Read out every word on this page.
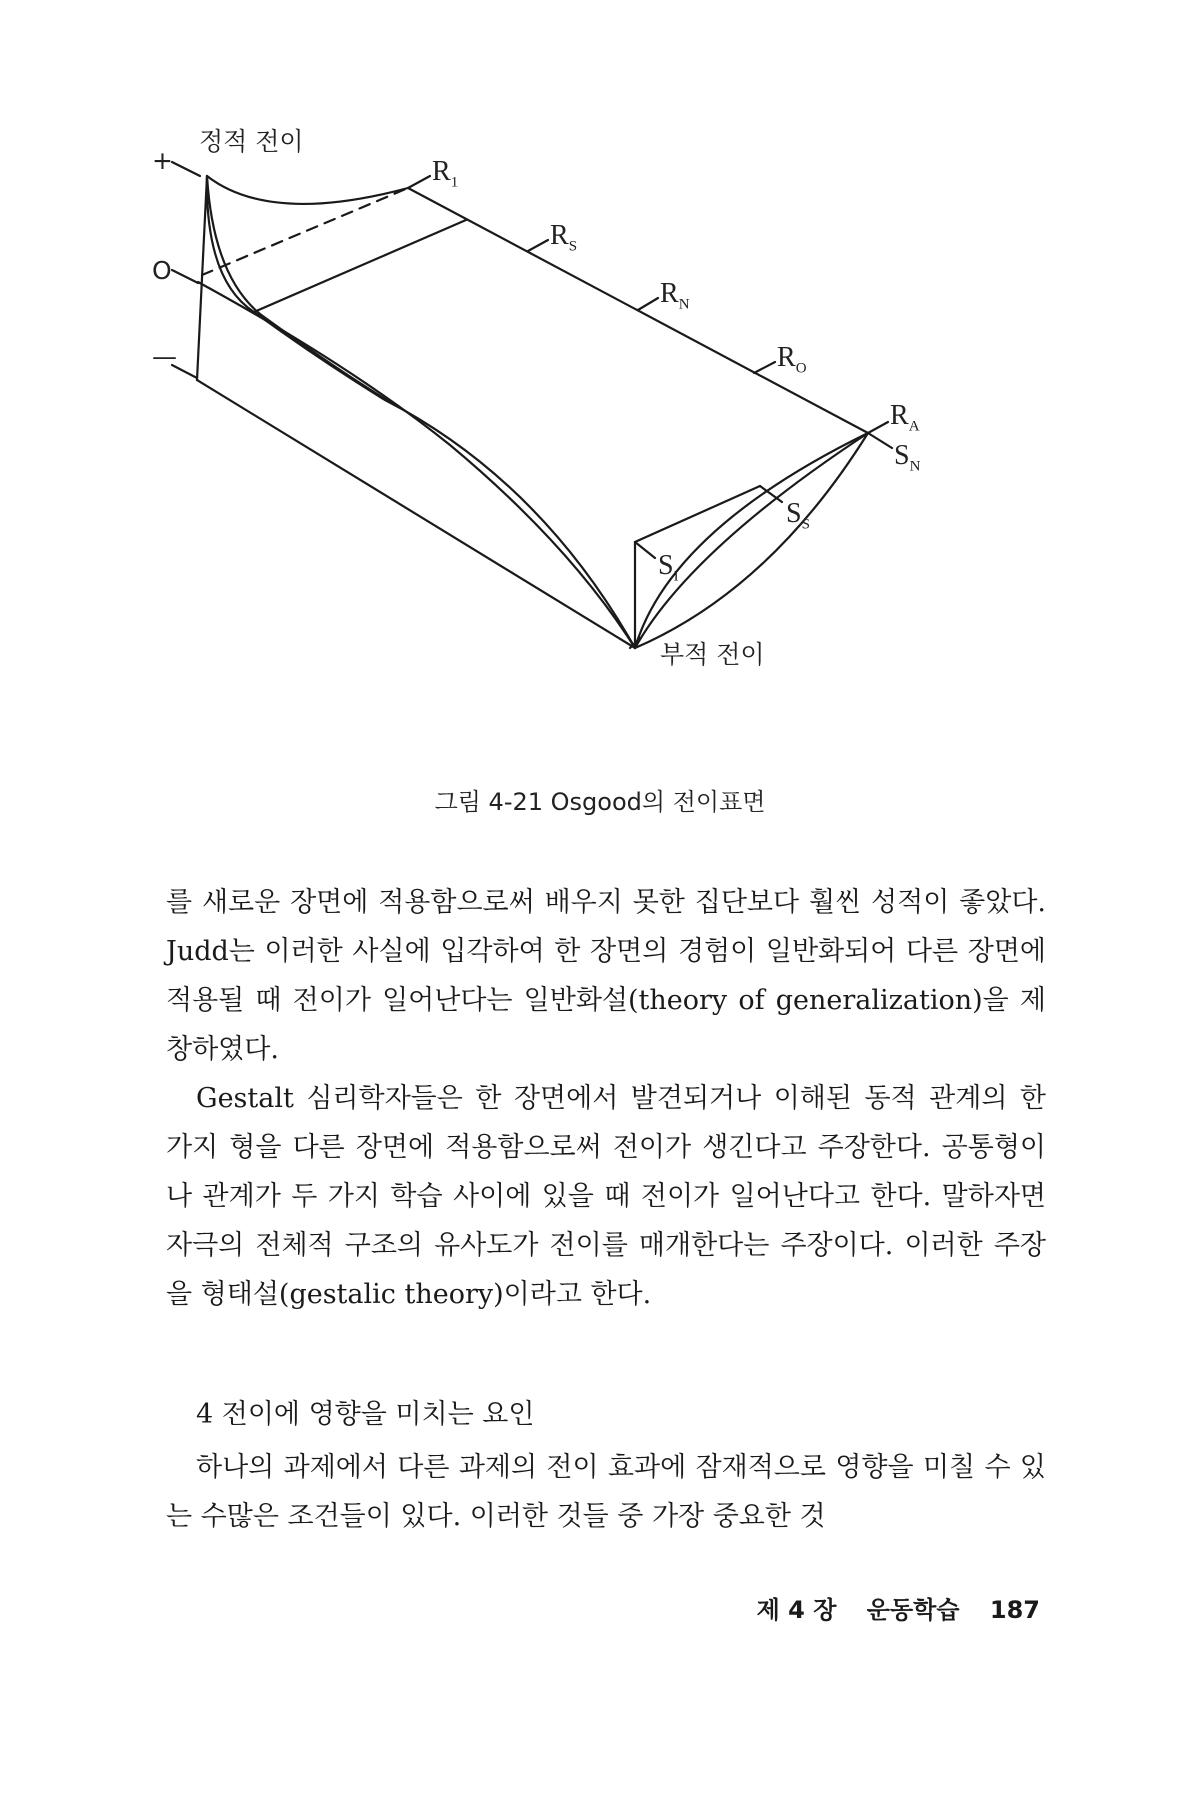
정적 전이
부적 전이
+
O
—
$R_1$
$R_S$
$R_N$
$R_O$
$R_A$
$S_N$
$S_S$
$S_I$
그림 4-21 Osgood의 전이표면
를 새로운 장면에 적용함으로써 배우지 못한 집단보다 훨씬 성적이 좋았다. Judd는 이러한 사실에 입각하여 한 장면의 경험이 일반화되어 다른 장면에 적용될 때 전이가 일어난다는 일반화설(theory of generalization)을 제창하였다.
Gestalt 심리학자들은 한 장면에서 발견되거나 이해된 동적 관계의 한 가지 형을 다른 장면에 적용함으로써 전이가 생긴다고 주장한다. 공통형이나 관계가 두 가지 학습 사이에 있을 때 전이가 일어난다고 한다. 말하자면 자극의 전체적 구조의 유사도가 전이를 매개한다는 주장이다. 이러한 주장을 형태설(gestalic theory)이라고 한다.
4 전이에 영향을 미치는 요인
하나의 과제에서 다른 과제의 전이 효과에 잠재적으로 영향을 미칠 수 있는 수많은 조건들이 있다. 이러한 것들 중 가장 중요한 것
제 4 장 운동학습 187
